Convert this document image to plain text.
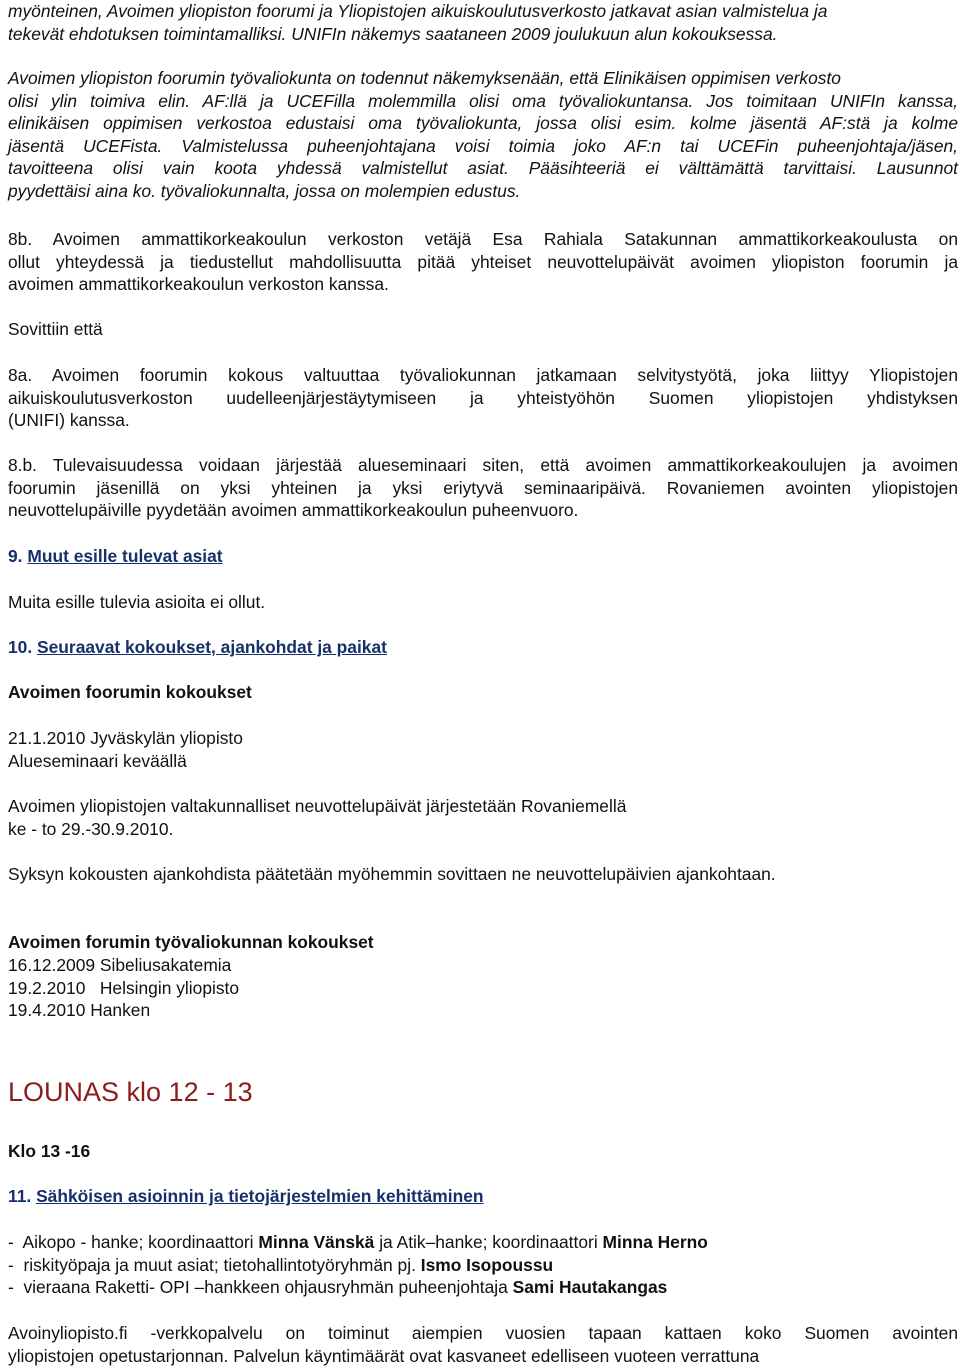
myönteinen, Avoimen yliopiston foorumi ja Yliopistojen aikuiskoulutusverkosto jatkavat asian valmistelua ja
tekevät ehdotuksen toimintamalliksi. UNIFIn näkemys saataneen 2009 joulukuun alun kokouksessa.
Avoimen yliopiston foorumin työvaliokunta on todennut näkemyksenään, että Elinikäisen oppimisen verkosto
olisi ylin toimiva elin. AF:llä ja UCEFilla molemmilla olisi oma työvaliokuntansa. Jos toimitaan UNIFIn kanssa,
elinikäisen oppimisen verkostoa edustaisi oma työvaliokunta, jossa olisi esim. kolme jäsentä AF:stä ja kolme
jäsentä UCEFista. Valmistelussa puheenjohtajana voisi toimia joko AF:n tai UCEFin puheenjohtaja/jäsen,
tavoitteena olisi vain koota yhdessä valmistellut asiat. Pääsihteeriä ei välttämättä tarvittaisi. Lausunnot
pyydettäisi aina ko. työvaliokunnalta, jossa on molempien edustus.
8b. Avoimen ammattikorkeakoulun verkoston vetäjä Esa Rahiala Satakunnan ammattikorkeakoulusta on
ollut yhteydessä ja tiedustellut mahdollisuutta pitää yhteiset neuvottelupäivät avoimen yliopiston foorumin ja
avoimen ammattikorkeakoulun verkoston kanssa.
Sovittiin että
8a. Avoimen foorumin kokous valtuuttaa työvaliokunnan jatkamaan selvitystyötä, joka liittyy Yliopistojen
aikuiskoulutusverkoston uudelleenjärjestäytymiseen ja yhteistyöhön Suomen yliopistojen yhdistyksen
(UNIFI) kanssa.
8.b. Tulevaisuudessa voidaan järjestää alueseminaari siten, että avoimen ammattikorkeakoulujen ja avoimen
foorumin jäsenillä on yksi yhteinen ja yksi eriytyvä seminaaripäivä. Rovaniemen avointen yliopistojen
neuvottelupäiville pyydetään avoimen ammattikorkeakoulun puheenvuoro.
9. Muut esille tulevat asiat
Muita esille tulevia asioita ei ollut.
10. Seuraavat kokoukset, ajankohdat ja paikat
Avoimen foorumin kokoukset
21.1.2010 Jyväskylän yliopisto
Alueseminaari keväällä
Avoimen yliopistojen valtakunnalliset neuvottelupäivät järjestetään Rovaniemellä
ke - to 29.-30.9.2010.
Syksyn kokousten ajankohdista päätetään myöhemmin sovittaen ne neuvottelupäivien ajankohtaan.
Avoimen forumin työvaliokunnan kokoukset
16.12.2009 Sibeliusakatemia
19.2.2010   Helsingin yliopisto
19.4.2010 Hanken
LOUNAS klo 12 - 13
Klo 13 -16
11. Sähköisen asioinnin ja tietojärjestelmien kehittäminen
-  Aikopo - hanke; koordinaattori Minna Vänskä ja Atik–hanke; koordinaattori Minna Herno
-  riskityöpaja ja muut asiat; tietohallintotyöryhmän pj. Ismo Isopoussu
-  vieraana Raketti- OPI –hankkeen ohjausryhmän puheenjohtaja Sami Hautakangas
Avoinyliopisto.fi -verkkopalvelu on toiminut aiempien vuosien tapaan kattaen koko Suomen avointen
yliopistojen opetustarjonnan. Palvelun käyntimäärät ovat kasvaneet edelliseen vuoteen verrattuna
